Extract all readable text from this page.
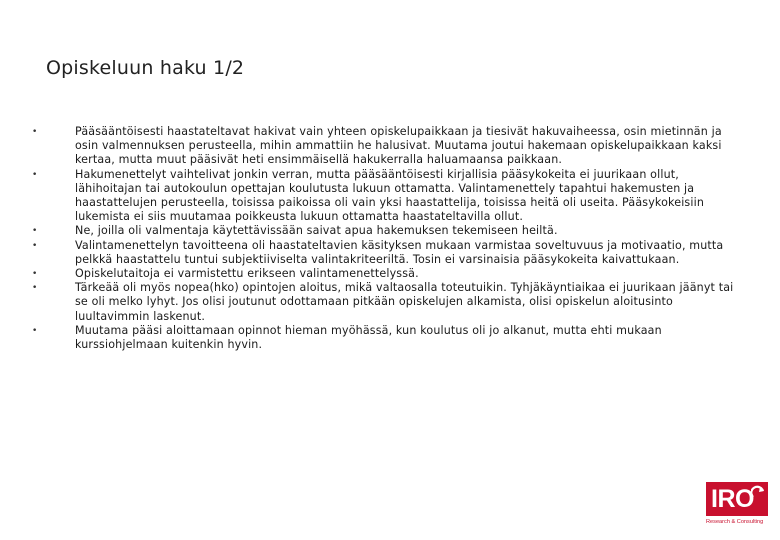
Opiskeluun haku 1/2
•	Pääsääntöisesti haastateltavat hakivat vain yhteen opiskelupaikkaan ja tiesivät hakuvaiheessa, osin mietinnän ja osin valmennuksen perusteella, mihin ammattiin he halusivat. Muutama joutui hakemaan opiskelupaikkaan kaksi kertaa, mutta muut pääsivät heti ensimmäisellä hakukerralla haluamaansa paikkaan.
•	Hakumenettelyt vaihtelivat jonkin verran, mutta pääsääntöisesti kirjallisia pääsykokeita ei juurikaan ollut, lähihoitajan tai autokoulun opettajan koulutusta lukuun ottamatta. Valintamenettely tapahtui hakemusten ja haastattelujen perusteella, toisissa paikoissa oli vain yksi haastattelija, toisissa heitä oli useita. Pääsykokeisiin lukemista ei siis muutamaa poikkeusta lukuun ottamatta haastateltavilla ollut.
•	Ne, joilla oli valmentaja käytettävissään saivat apua hakemuksen tekemiseen heiltä.
•	Valintamenettelyn tavoitteena oli haastateltavien käsityksen mukaan varmistaa soveltuvuus ja motivaatio, mutta pelkkä haastattelu tuntui subjektiiviselta valintakriteeriltä. Tosin ei varsinaisia pääsykokeita kaivattukaan.
•	Opiskelutaitoja ei varmistettu erikseen valintamenettelyssä.
•	Tärkeää oli myös nopea(hko) opintojen aloitus, mikä valtaosalla toteutuikin. Tyhjäkäyntiaikaa ei juurikaan jäänyt tai se oli melko lyhyt. Jos olisi joutunut odottamaan pitkään opiskelujen alkamista, olisi opiskelun aloitusinto luultavimmin laskenut.
•	Muutama pääsi aloittamaan opinnot hieman myöhässä, kun koulutus oli jo alkanut, mutta ehti mukaan kurssiohjelmaan kuitenkin hyvin.
IRO
Research & Consulting
